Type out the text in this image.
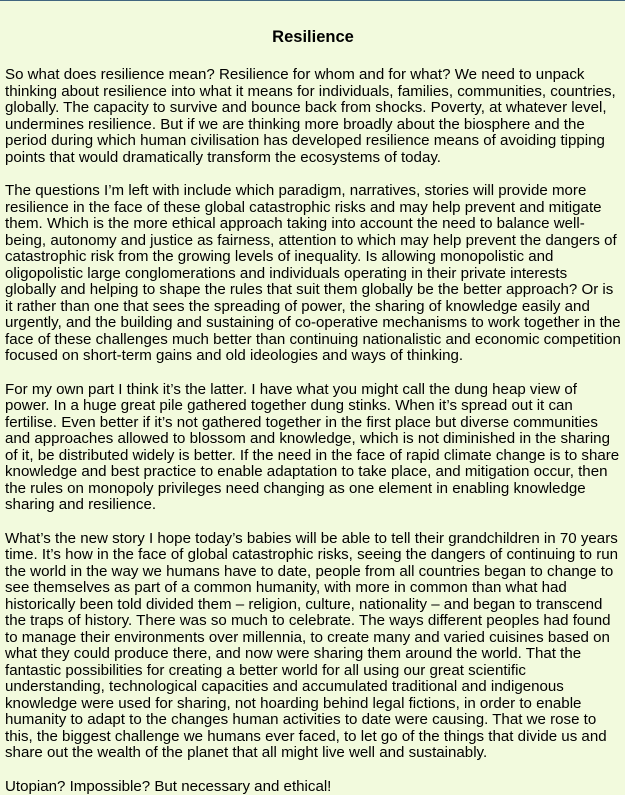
Resilience

So what does resilience mean? Resilience for whom and for what? We need to unpack thinking about resilience into what it means for individuals, families, communities, countries, globally. The capacity to survive and bounce back from shocks. Poverty, at whatever level, undermines resilience. But if we are thinking more broadly about the biosphere and the period during which human civilisation has developed resilience means of avoiding tipping points that would dramatically transform the ecosystems of today.

The questions I’m left with include which paradigm, narratives, stories will provide more resilience in the face of these global catastrophic risks and may help prevent and mitigate them. Which is the more ethical approach taking into account the need to balance well-being, autonomy and justice as fairness, attention to which may help prevent the dangers of catastrophic risk from the growing levels of inequality. Is allowing monopolistic and oligopolistic large conglomerations and individuals operating in their private interests globally and helping to shape the rules that suit them globally be the better approach? Or is it rather than one that sees the spreading of power, the sharing of knowledge easily and urgently, and the building and sustaining of co-operative mechanisms to work together in the face of these challenges much better than continuing nationalistic and economic competition focused on short-term gains and old ideologies and ways of thinking.

For my own part I think it’s the latter. I have what you might call the dung heap view of power. In a huge great pile gathered together dung stinks. When it’s spread out it can fertilise. Even better if it’s not gathered together in the first place but diverse communities and approaches allowed to blossom and knowledge, which is not diminished in the sharing of it, be distributed widely is better. If the need in the face of rapid climate change is to share knowledge and best practice to enable adaptation to take place, and mitigation occur, then the rules on monopoly privileges need changing as one element in enabling knowledge sharing and resilience.

What’s the new story I hope today’s babies will be able to tell their grandchildren in 70 years time. It’s how in the face of global catastrophic risks, seeing the dangers of continuing to run the world in the way we humans have to date, people from all countries began to change to see themselves as part of a common humanity, with more in common than what had historically been told divided them – religion, culture, nationality – and began to transcend the traps of history. There was so much to celebrate. The ways different peoples had found to manage their environments over millennia, to create many and varied cuisines based on what they could produce there, and now were sharing them around the world. That the fantastic possibilities for creating a better world for all using our great scientific understanding, technological capacities and accumulated traditional and indigenous knowledge were used for sharing, not hoarding behind legal fictions, in order to enable humanity to adapt to the changes human activities to date were causing. That we rose to this, the biggest challenge we humans ever faced, to let go of the things that divide us and share out the wealth of the planet that all might live well and sustainably.

Utopian? Impossible? But necessary and ethical!
